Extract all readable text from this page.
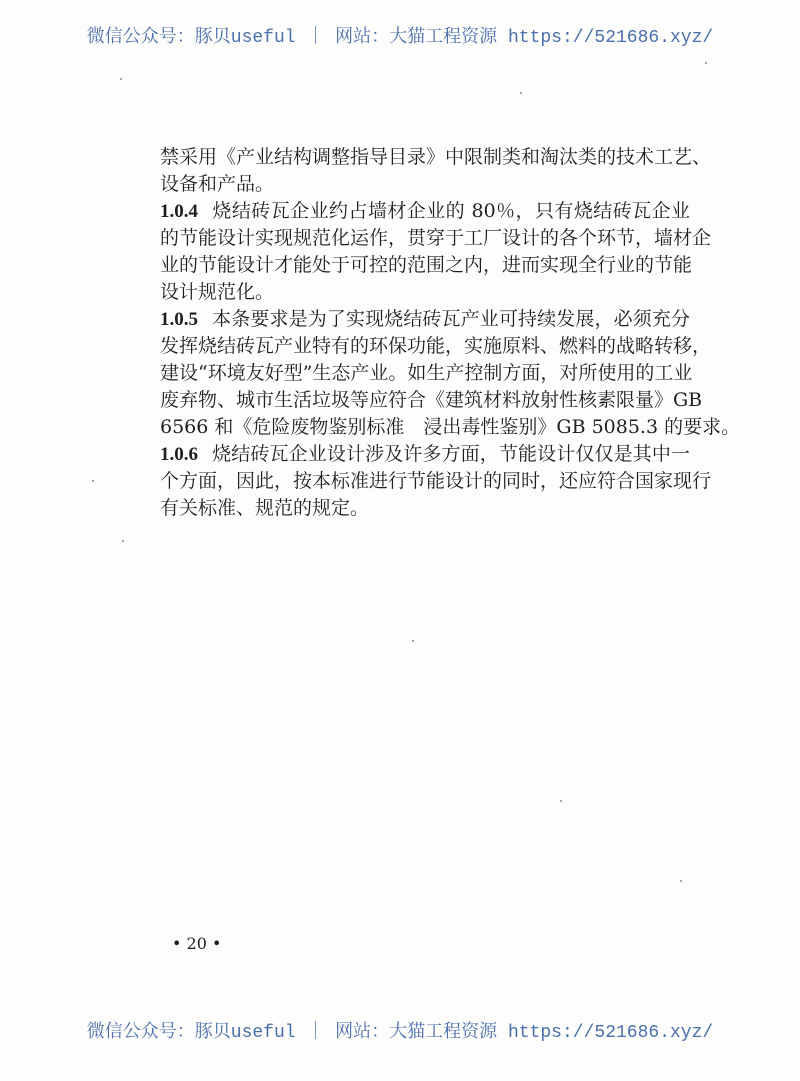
微信公众号：豚贝useful ｜ 网站：大猫工程资源 https://521686.xyz/
禁采用《产业结构调整指导目录》中限制类和淘汰类的技术工艺、
设备和产品。
1.0.4 烧结砖瓦企业约占墙材企业的 80％，只有烧结砖瓦企业
的节能设计实现规范化运作，贯穿于工厂设计的各个环节，墙材企
业的节能设计才能处于可控的范围之内，进而实现全行业的节能
设计规范化。
1.0.5 本条要求是为了实现烧结砖瓦产业可持续发展，必须充分
发挥烧结砖瓦产业特有的环保功能，实施原料、燃料的战略转移，
建设“环境友好型”生态产业。如生产控制方面，对所使用的工业
废弃物、城市生活垃圾等应符合《建筑材料放射性核素限量》GB
6566 和《危险废物鉴别标准　浸出毒性鉴别》GB 5085.3 的要求。
1.0.6 烧结砖瓦企业设计涉及许多方面，节能设计仅仅是其中一
个方面，因此，按本标准进行节能设计的同时，还应符合国家现行
有关标准、规范的规定。
• 20 •
微信公众号：豚贝useful ｜ 网站：大猫工程资源 https://521686.xyz/
